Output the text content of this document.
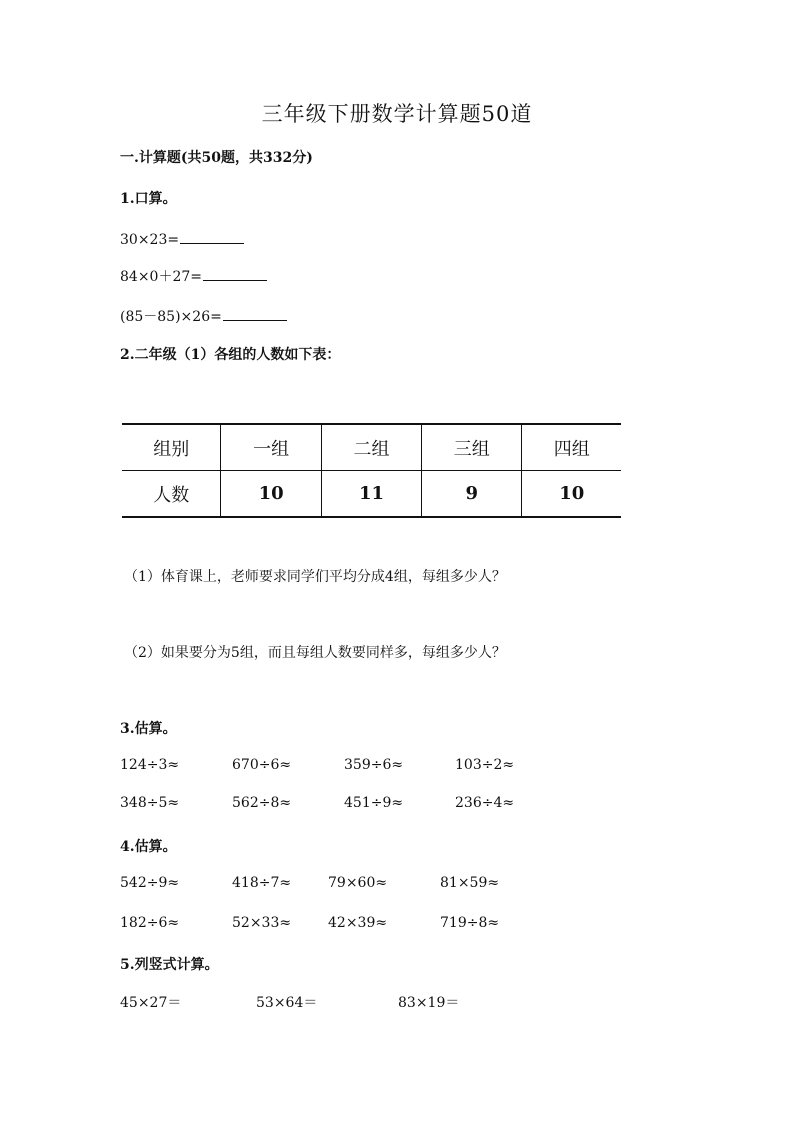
三年级下册数学计算题50道
一.计算题(共50题，共332分)
1.口算。
30×23=
84×0＋27=
(85－85)×26=
2.二年级（1）各组的人数如下表：
组别	一组	二组	三组	四组
人数	10	11	9	10
（1）体育课上，老师要求同学们平均分成4组，每组多少人？
（2）如果要分为5组，而且每组人数要同样多，每组多少人？
3.估算。
124÷3≈	670÷6≈	359÷6≈	103÷2≈
348÷5≈	562÷8≈	451÷9≈	236÷4≈
4.估算。
542÷9≈	418÷7≈	79×60≈	81×59≈
182÷6≈	52×33≈	42×39≈	719÷8≈
5.列竖式计算。
45×27＝	53×64＝	83×19＝
